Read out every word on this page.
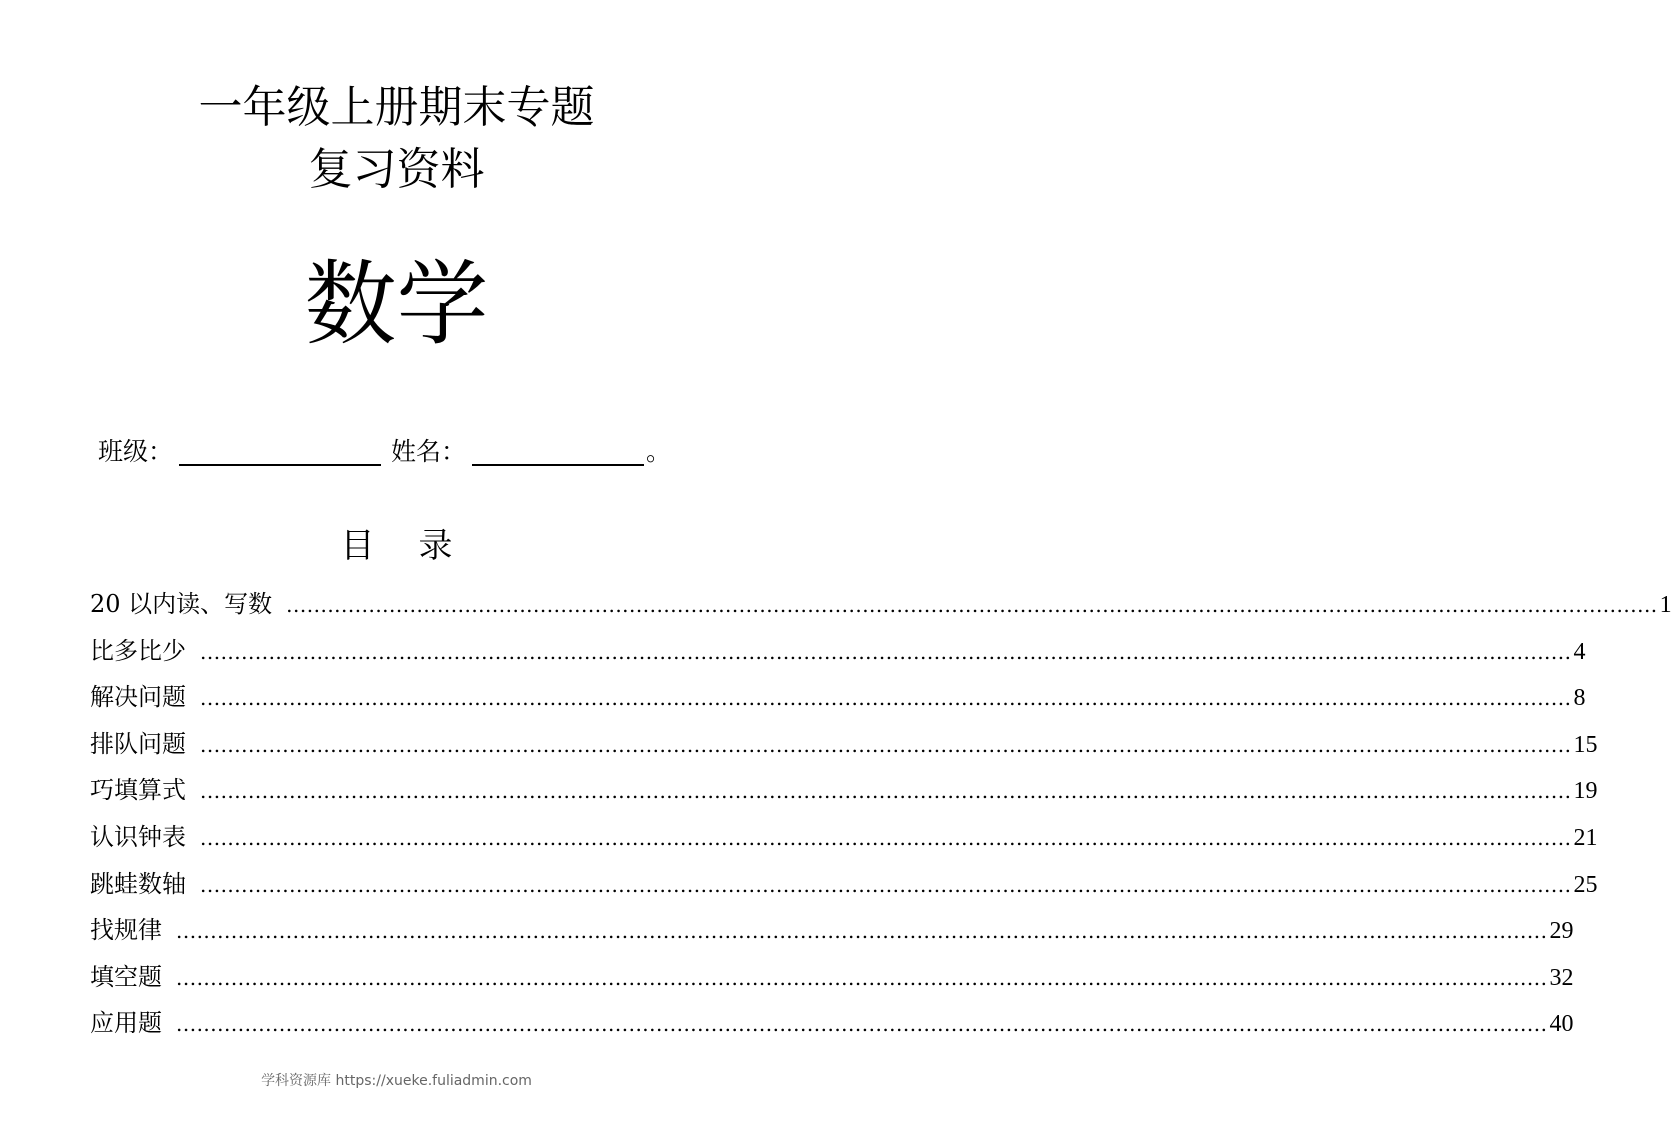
一年级上册期末专题
复习资料
数学
班级：	姓名：	。
目 录
20 以内读、写数 ........................................................................................................................................................................................................ 1
比多比少 ........................................................................................................................................................................................................ 4
解决问题 ........................................................................................................................................................................................................ 8
排队问题 ........................................................................................................................................................................................................ 15
巧填算式 ........................................................................................................................................................................................................ 19
认识钟表 ........................................................................................................................................................................................................ 21
跳蛙数轴 ........................................................................................................................................................................................................ 25
找规律 ........................................................................................................................................................................................................ 29
填空题 ........................................................................................................................................................................................................ 32
应用题 ........................................................................................................................................................................................................ 40
学科资源库 https://xueke.fuliadmin.com
